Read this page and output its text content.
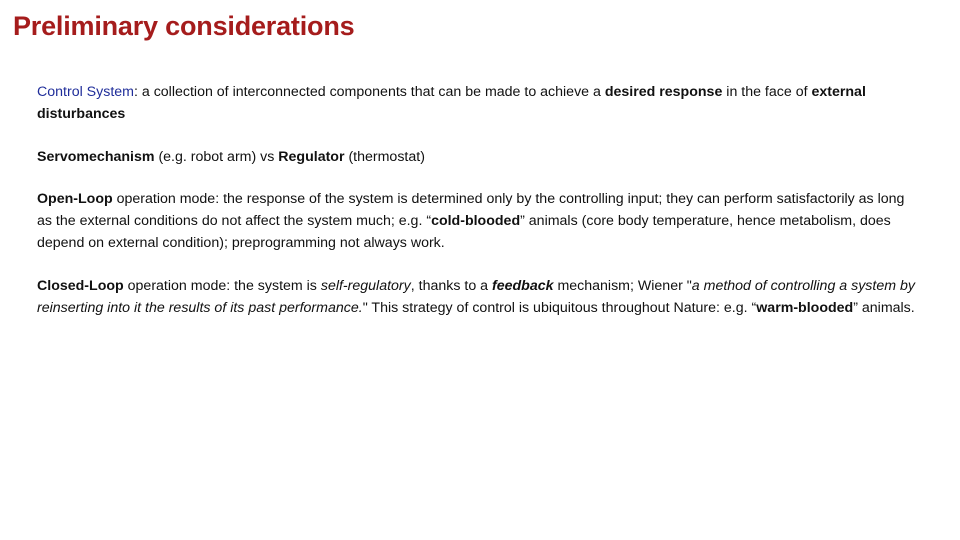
Preliminary considerations

Control System: a collection of interconnected components that can be made to achieve a desired response in the face of external disturbances

Servomechanism (e.g. robot arm) vs Regulator (thermostat)

Open-Loop operation mode: the response of the system is determined only by the controlling input; they can perform satisfactorily as long as the external conditions do not affect the system much; e.g. “cold-blooded” animals (core body temperature, hence metabolism, does depend on external condition); preprogramming not always work.

Closed-Loop operation mode: the system is self-regulatory, thanks to a feedback mechanism; Wiener "a method of controlling a system by reinserting into it the results of its past performance." This strategy of control is ubiquitous throughout Nature: e.g. “warm-blooded” animals.
